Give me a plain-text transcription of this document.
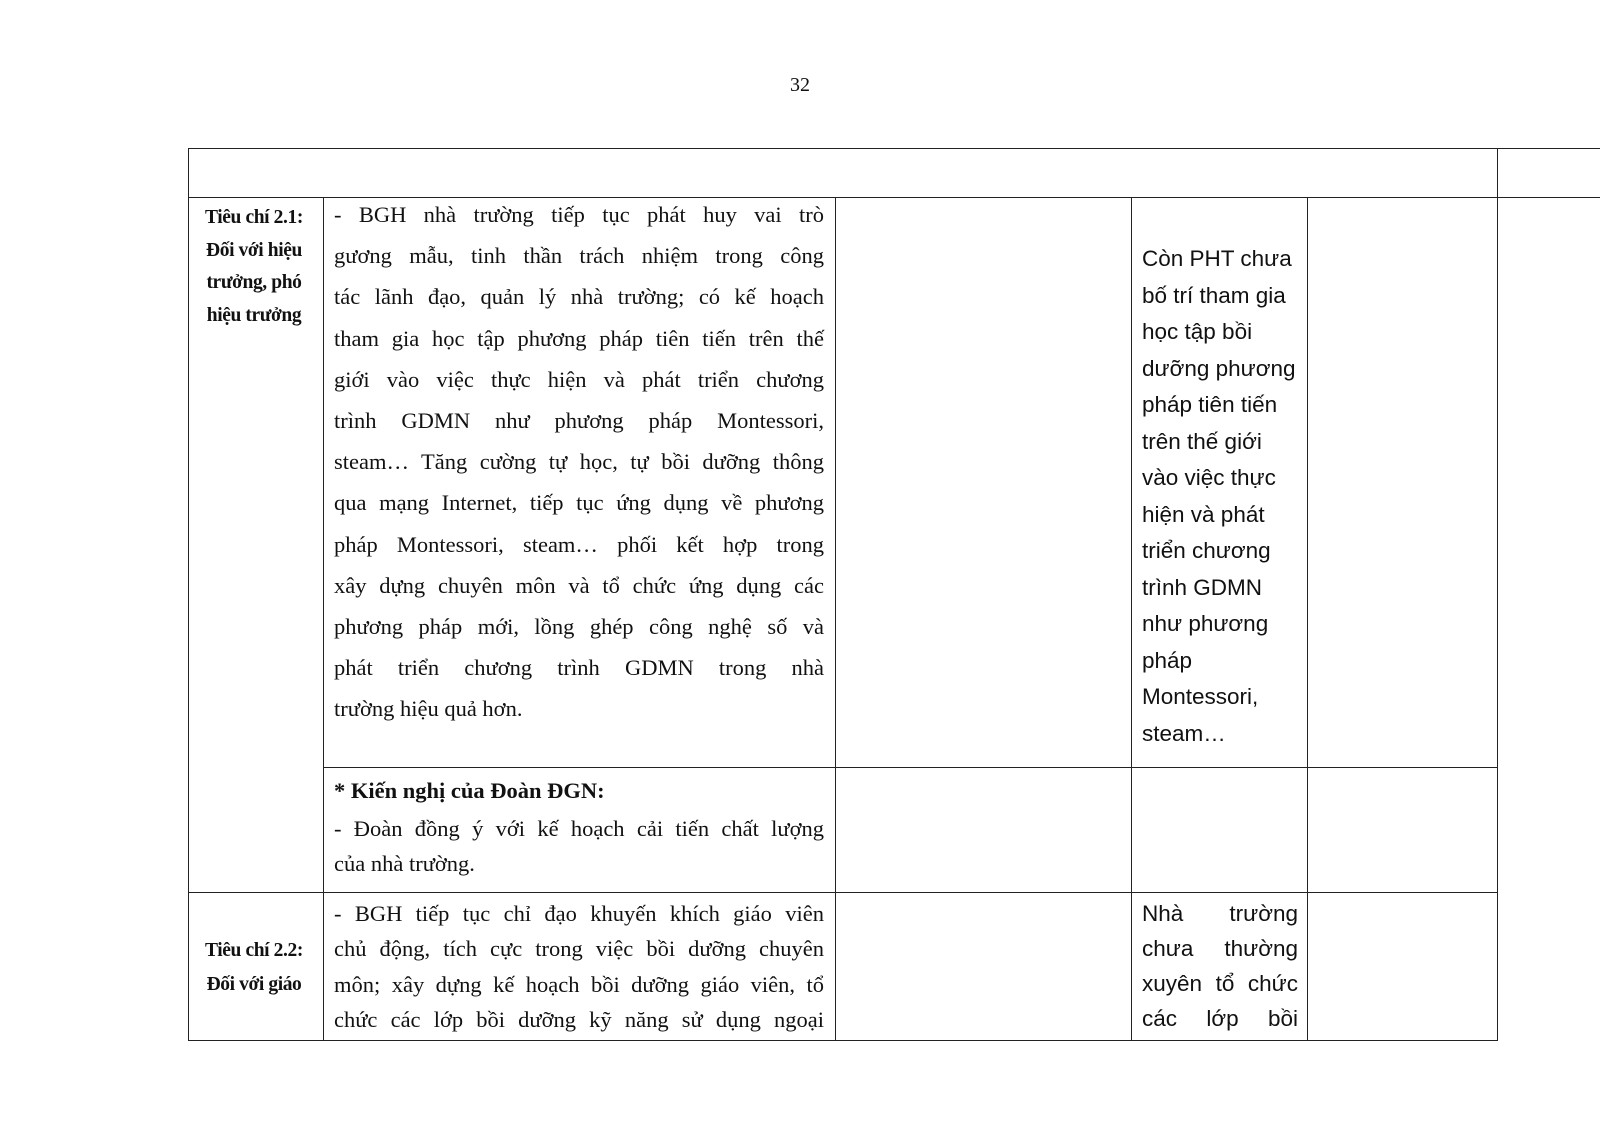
32
Tiêu chí 2.1:
Đối với hiệu
trưởng, phó
hiệu trưởng
- BGH nhà trường tiếp tục phát huy vai trò
gương mẫu, tinh thần trách nhiệm trong công
tác lãnh đạo, quản lý nhà trường; có kế hoạch
tham gia học tập phương pháp tiên tiến trên thế
giới vào việc thực hiện và phát triển chương
trình GDMN như phương pháp Montessori,
steam… Tăng cường tự học, tự bồi dưỡng thông
qua mạng Internet, tiếp tục ứng dụng về phương
pháp Montessori, steam… phối kết hợp trong
xây dựng chuyên môn và tổ chức ứng dụng các
phương pháp mới, lồng ghép công nghệ số và
phát triển chương trình GDMN trong nhà
trường hiệu quả hơn.
Còn PHT chưa
bố trí tham gia
học tập bồi
dưỡng phương
pháp tiên tiến
trên thế giới
vào việc thực
hiện và phát
triển chương
trình GDMN
như phương
pháp
Montessori,
steam…
* Kiến nghị của Đoàn ĐGN:
- Đoàn đồng ý với kế hoạch cải tiến chất lượng
của nhà trường.
Tiêu chí 2.2:
Đối với giáo
- BGH tiếp tục chỉ đạo khuyến khích giáo viên
chủ động, tích cực trong việc bồi dưỡng chuyên
môn; xây dựng kế hoạch bồi dưỡng giáo viên, tổ
chức các lớp bồi dưỡng kỹ năng sử dụng ngoại
Nhà trường
chưa thường
xuyên tổ chức
các lớp bồi
